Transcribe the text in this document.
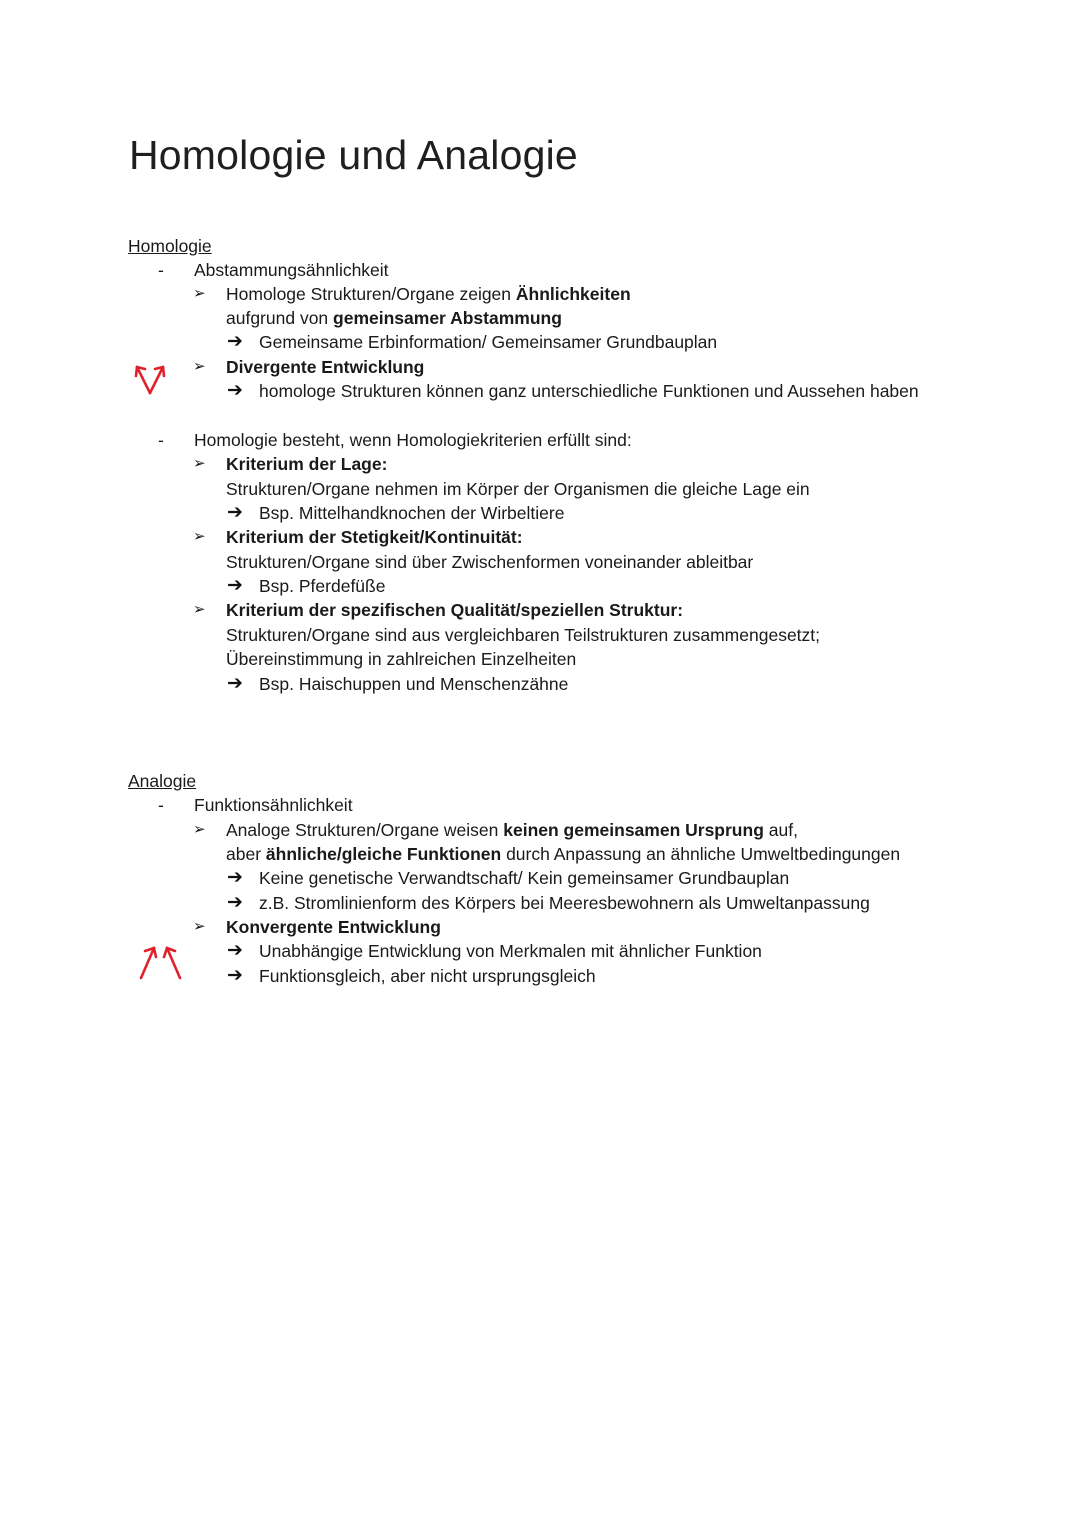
Homologie und Analogie
Homologie
- Abstammungsähnlichkeit
➢ Homologe Strukturen/Organe zeigen Ähnlichkeiten
aufgrund von gemeinsamer Abstammung
➔ Gemeinsame Erbinformation/ Gemeinsamer Grundbauplan
➢ Divergente Entwicklung
➔ homologe Strukturen können ganz unterschiedliche Funktionen und Aussehen haben
- Homologie besteht, wenn Homologiekriterien erfüllt sind:
➢ Kriterium der Lage:
Strukturen/Organe nehmen im Körper der Organismen die gleiche Lage ein
➔ Bsp. Mittelhandknochen der Wirbeltiere
➢ Kriterium der Stetigkeit/Kontinuität:
Strukturen/Organe sind über Zwischenformen voneinander ableitbar
➔ Bsp. Pferdefüße
➢ Kriterium der spezifischen Qualität/speziellen Struktur:
Strukturen/Organe sind aus vergleichbaren Teilstrukturen zusammengesetzt;
Übereinstimmung in zahlreichen Einzelheiten
➔ Bsp. Haischuppen und Menschenzähne
Analogie
- Funktionsähnlichkeit
➢ Analoge Strukturen/Organe weisen keinen gemeinsamen Ursprung auf,
aber ähnliche/gleiche Funktionen durch Anpassung an ähnliche Umweltbedingungen
➔ Keine genetische Verwandtschaft/ Kein gemeinsamer Grundbauplan
➔ z.B. Stromlinienform des Körpers bei Meeresbewohnern als Umweltanpassung
➢ Konvergente Entwicklung
➔ Unabhängige Entwicklung von Merkmalen mit ähnlicher Funktion
➔ Funktionsgleich, aber nicht ursprungsgleich
